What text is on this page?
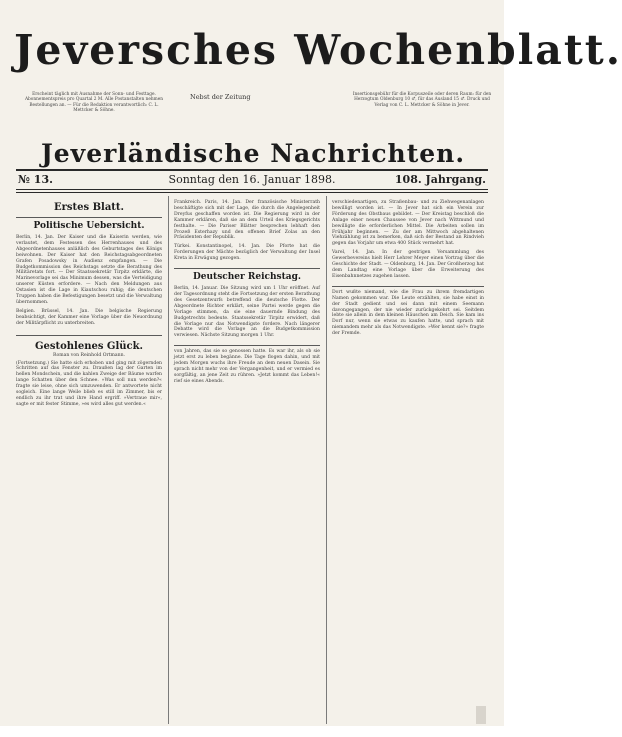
Jeversches Wochenblatt.
Erscheint täglich mit Ausnahme der Sonn- und Festtage. Abonnementspreis pro Quartal 2 M. Alle Postanstalten nehmen Bestellungen an. — Für die Redaktion verantwortlich: C. L. Mettcker & Söhne.
Nebst der Zeitung	Insertionsgebühr für die Korpuszeile oder deren Raum: für den Herzogtum Oldenburg 10 ♂, für das Ausland 15 ♂. Druck und Verlag von C. L. Mettcker & Söhne in Jever.
Jeverländische Nachrichten.
№ 13.	Sonntag den 16. Januar 1898.	108. Jahrgang.
Erstes Blatt.
Politische Uebersicht.
Berlin, 14. Jan. Der Kaiser und die Kaiserin werden, wie verlautet, dem Festessen des Herrenhauses und des Abgeordnetenhauses anläßlich des Geburtstages des Königs beiwohnen. Der Kaiser hat den Reichstagsabgeordneten Grafen Posadowsky in Audienz empfangen. — Die Budgetkommission des Reichstags setzte die Berathung des Militäretats fort. — Der Staatssekretär Tirpitz erklärte, die Marinevorlage sei das Minimum dessen, was die Verteidigung unserer Küsten erfordere. — Nach den Meldungen aus Ostasien ist die Lage in Kiautschou ruhig; die deutschen Truppen haben die Befestigungen besetzt und die Verwaltung übernommen.
Belgien. Brüssel, 14. Jan. Die belgische Regierung beabsichtigt, der Kammer eine Vorlage über die Neuordnung der Militärpflicht zu unterbreiten.
Gestohlenes Glück.
Roman von Reinhold Ortmann.
(Fortsetzung.) Sie hatte sich erhoben und ging mit zögernden Schritten auf das Fenster zu. Draußen lag der Garten im hellen Mondschein, und die kahlen Zweige der Bäume warfen lange Schatten über den Schnee. »Was soll nun werden?« fragte sie leise, ohne sich umzuwenden. Er antwortete nicht sogleich. Eine lange Weile blieb es still im Zimmer, bis er endlich zu ihr trat und ihre Hand ergriff. »Vertraue mir«, sagte er mit fester Stimme, »es wird alles gut werden.«
Frankreich. Paris, 14. Jan. Der französische Ministerrath beschäftigte sich mit der Lage, die durch die Angelegenheit Dreyfus geschaffen worden ist. Die Regierung wird in der Kammer erklären, daß sie an dem Urteil des Kriegsgerichts festhalte. — Die Pariser Blätter besprechen lebhaft den Prozeß Esterhazy und den offenen Brief Zolas an den Präsidenten der Republik.
Türkei. Konstantinopel, 14. Jan. Die Pforte hat die Forderungen der Mächte bezüglich der Verwaltung der Insel Kreta in Erwägung gezogen.
Deutscher Reichstag.
Berlin, 14. Januar. Die Sitzung wird um 1 Uhr eröffnet. Auf der Tagesordnung steht die Fortsetzung der ersten Berathung des Gesetzentwurfs betreffend die deutsche Flotte. Der Abgeordnete Richter erklärt, seine Partei werde gegen die Vorlage stimmen, da sie eine dauernde Bindung des Budgetrechts bedeute. Staatssekretär Tirpitz erwidert, daß die Vorlage nur das Notwendigste fordere. Nach längerer Debatte wird die Vorlage an die Budgetkommission verwiesen. Nächste Sitzung morgen 1 Uhr.
von Jahren, das sie so genossen hatte. Es war ihr, als ob sie jetzt erst zu leben begänne. Die Tage flogen dahin, und mit jedem Morgen wuchs ihre Freude an dem neuen Dasein. Sie sprach nicht mehr von der Vergangenheit, und er vermied es sorgfältig, an jene Zeit zu rühren. »Jetzt kommt das Leben!« rief sie eines Abends.
verschiedenartigen, zu Straßenbau- und zu Ziehwegenanlagen bewilligt worden ist. — In Jever hat sich ein Verein zur Förderung des Obstbaus gebildet. — Der Kreistag beschloß die Anlage einer neuen Chaussee von Jever nach Wittmund und bewilligte die erforderlichen Mittel. Die Arbeiten sollen im Frühjahr beginnen. — Zu der am Mittwoch abgehaltenen Viehzählung ist zu bemerken, daß sich der Bestand an Rindvieh gegen das Vorjahr um etwa 400 Stück vermehrt hat.
Varel, 14. Jan. In der gestrigen Versammlung des Gewerbevereins hielt Herr Lehrer Meyer einen Vortrag über die Geschichte der Stadt. — Oldenburg, 14. Jan. Der Großherzog hat dem Landtag eine Vorlage über die Erweiterung des Eisenbahnnetzes zugehen lassen.
Dort wußte niemand, wie die Frau zu ihrem fremdartigen Namen gekommen war. Die Leute erzählten, sie habe einst in der Stadt gedient und sei dann mit einem Seemann davongegangen, der nie wieder zurückgekehrt sei. Seitdem lebte sie allein in dem kleinen Häuschen am Deich. Sie kam ins Dorf nur, wenn sie etwas zu kaufen hatte, und sprach mit niemandem mehr als das Notwendigste. »Wer kennt sie?« fragte der Fremde.
